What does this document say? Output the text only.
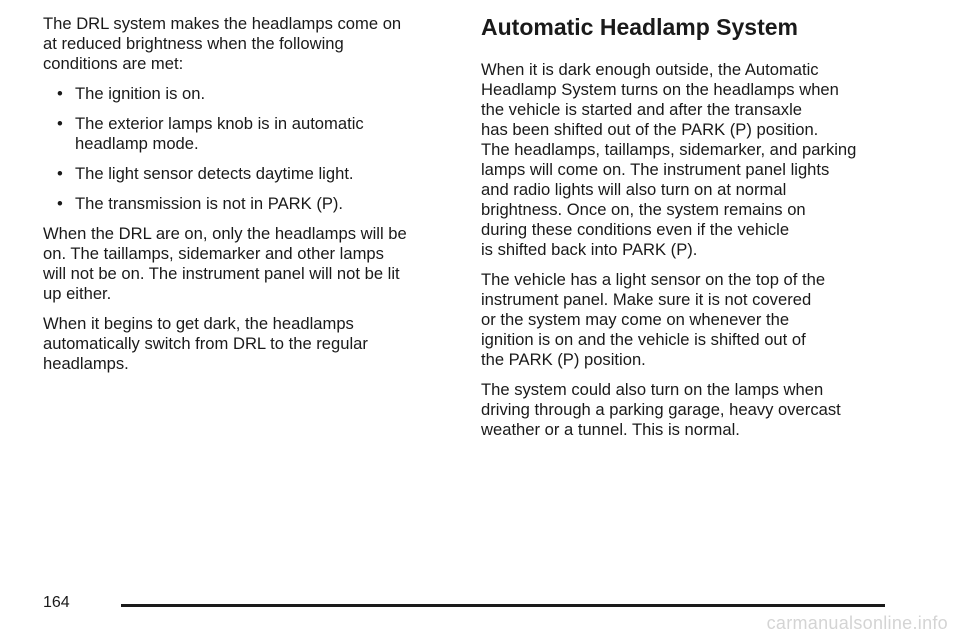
The DRL system makes the headlamps come on
at reduced brightness when the following
conditions are met:

• The ignition is on.
• The exterior lamps knob is in automatic
headlamp mode.
• The light sensor detects daytime light.
• The transmission is not in PARK (P).

When the DRL are on, only the headlamps will be
on. The taillamps, sidemarker and other lamps
will not be on. The instrument panel will not be lit
up either.

When it begins to get dark, the headlamps
automatically switch from DRL to the regular
headlamps.

Automatic Headlamp System

When it is dark enough outside, the Automatic
Headlamp System turns on the headlamps when
the vehicle is started and after the transaxle
has been shifted out of the PARK (P) position.
The headlamps, taillamps, sidemarker, and parking
lamps will come on. The instrument panel lights
and radio lights will also turn on at normal
brightness. Once on, the system remains on
during these conditions even if the vehicle
is shifted back into PARK (P).

The vehicle has a light sensor on the top of the
instrument panel. Make sure it is not covered
or the system may come on whenever the
ignition is on and the vehicle is shifted out of
the PARK (P) position.

The system could also turn on the lamps when
driving through a parking garage, heavy overcast
weather or a tunnel. This is normal.

164
carmanualsonline.info
